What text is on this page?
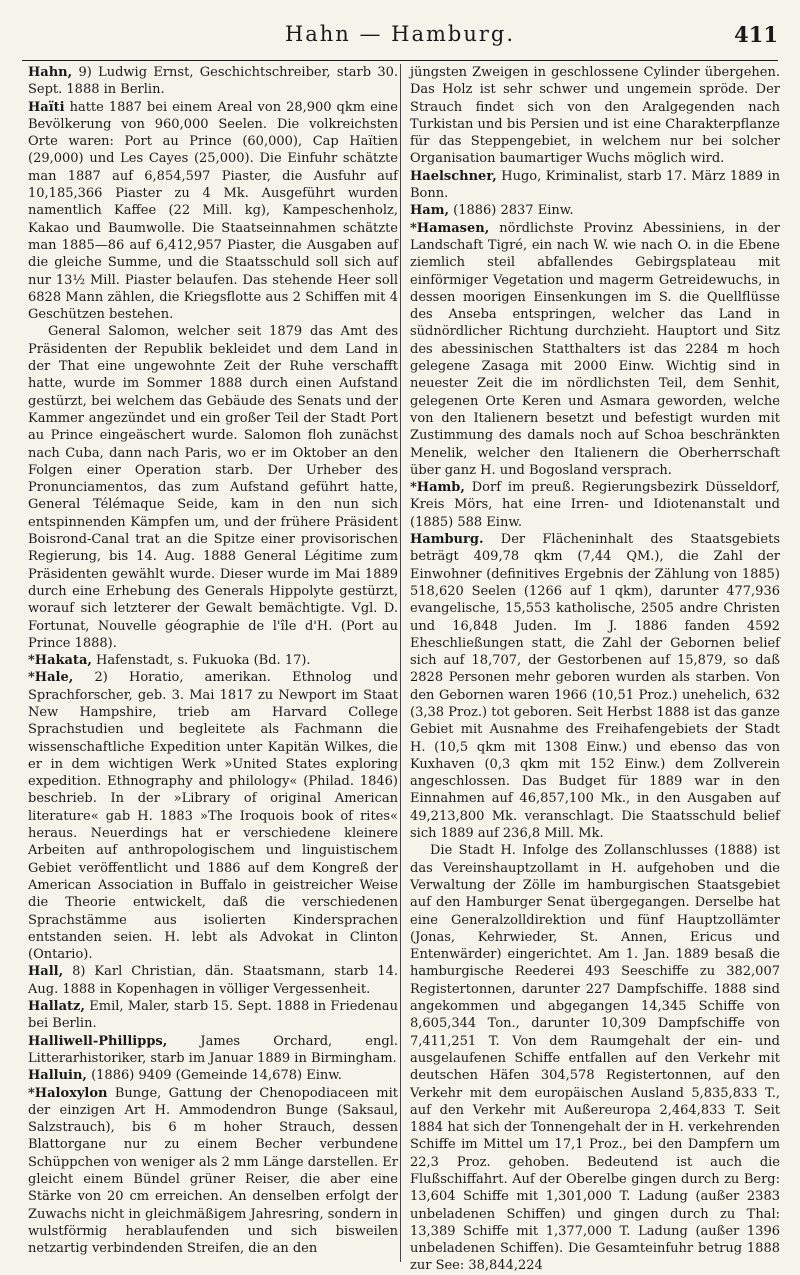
Hahn — Hamburg.	411

Hahn, 9) Ludwig Ernst, Geschichtschreiber, starb 30. Sept. 1888 in Berlin.

Haïti hatte 1887 bei einem Areal von 28,900 qkm eine Bevölkerung von 960,000 Seelen. Die volkreichsten Orte waren: Port au Prince (60,000), Cap Haïtien (29,000) und Les Cayes (25,000). Die Einfuhr schätzte man 1887 auf 6,854,597 Piaster, die Ausfuhr auf 10,185,366 Piaster zu 4 Mk. Ausgeführt wurden namentlich Kaffee (22 Mill. kg), Kampeschenholz, Kakao und Baumwolle. Die Staatseinnahmen schätzte man 1885—86 auf 6,412,957 Piaster, die Ausgaben auf die gleiche Summe, und die Staatsschuld soll sich auf nur 13½ Mill. Piaster belaufen. Das stehende Heer soll 6828 Mann zählen, die Kriegsflotte aus 2 Schiffen mit 4 Geschützen bestehen.

General Salomon, welcher seit 1879 das Amt des Präsidenten der Republik bekleidet und dem Land in der That eine ungewohnte Zeit der Ruhe verschafft hatte, wurde im Sommer 1888 durch einen Aufstand gestürzt, bei welchem das Gebäude des Senats und der Kammer angezündet und ein großer Teil der Stadt Port au Prince eingeäschert wurde. Salomon floh zunächst nach Cuba, dann nach Paris, wo er im Oktober an den Folgen einer Operation starb. Der Urheber des Pronunciamentos, das zum Aufstand geführt hatte, General Télémaque Seide, kam in den nun sich entspinnenden Kämpfen um, und der frühere Präsident Boisrond-Canal trat an die Spitze einer provisorischen Regierung, bis 14. Aug. 1888 General Légitime zum Präsidenten gewählt wurde. Dieser wurde im Mai 1889 durch eine Erhebung des Generals Hippolyte gestürzt, worauf sich letzterer der Gewalt bemächtigte. Vgl. D. Fortunat, Nouvelle géographie de l'île d'H. (Port au Prince 1888).

*Hakata, Hafenstadt, s. Fukuoka (Bd. 17).

*Hale, 2) Horatio, amerikan. Ethnolog und Sprachforscher, geb. 3. Mai 1817 zu Newport im Staat New Hampshire, trieb am Harvard College Sprachstudien und begleitete als Fachmann die wissenschaftliche Expedition unter Kapitän Wilkes, die er in dem wichtigen Werk »United States exploring expedition. Ethnography and philology« (Philad. 1846) beschrieb. In der »Library of original American literature« gab H. 1883 »The Iroquois book of rites« heraus. Neuerdings hat er verschiedene kleinere Arbeiten auf anthropologischem und linguistischem Gebiet veröffentlicht und 1886 auf dem Kongreß der American Association in Buffalo in geistreicher Weise die Theorie entwickelt, daß die verschiedenen Sprachstämme aus isolierten Kindersprachen entstanden seien. H. lebt als Advokat in Clinton (Ontario).

Hall, 8) Karl Christian, dän. Staatsmann, starb 14. Aug. 1888 in Kopenhagen in völliger Vergessenheit.

Hallatz, Emil, Maler, starb 15. Sept. 1888 in Friedenau bei Berlin.

Halliwell-Phillipps, James Orchard, engl. Litterarhistoriker, starb im Januar 1889 in Birmingham.

Halluin, (1886) 9409 (Gemeinde 14,678) Einw.

*Haloxylon Bunge, Gattung der Chenopodiaceen mit der einzigen Art H. Ammodendron Bunge (Saksaul, Salzstrauch), bis 6 m hoher Strauch, dessen Blattorgane nur zu einem Becher verbundene Schüppchen von weniger als 2 mm Länge darstellen. Er gleicht einem Bündel grüner Reiser, die aber eine Stärke von 20 cm erreichen. An denselben erfolgt der Zuwachs nicht in gleichmäßigem Jahresring, sondern in wulstförmig herablaufenden und sich bisweilen netzartig verbindenden Streifen, die an den

jüngsten Zweigen in geschlossene Cylinder übergehen. Das Holz ist sehr schwer und ungemein spröde. Der Strauch findet sich von den Aralgegenden nach Turkistan und bis Persien und ist eine Charakterpflanze für das Steppengebiet, in welchem nur bei solcher Organisation baumartiger Wuchs möglich wird.

Haelschner, Hugo, Kriminalist, starb 17. März 1889 in Bonn.

Ham, (1886) 2837 Einw.

*Hamasen, nördlichste Provinz Abessiniens, in der Landschaft Tigré, ein nach W. wie nach O. in die Ebene ziemlich steil abfallendes Gebirgsplateau mit einförmiger Vegetation und magerm Getreidewuchs, in dessen moorigen Einsenkungen im S. die Quellflüsse des Anseba entspringen, welcher das Land in südnördlicher Richtung durchzieht. Hauptort und Sitz des abessinischen Statthalters ist das 2284 m hoch gelegene Zasaga mit 2000 Einw. Wichtig sind in neuester Zeit die im nördlichsten Teil, dem Senhit, gelegenen Orte Keren und Asmara geworden, welche von den Italienern besetzt und befestigt wurden mit Zustimmung des damals noch auf Schoa beschränkten Menelik, welcher den Italienern die Oberherrschaft über ganz H. und Bogosland versprach.

*Hamb, Dorf im preuß. Regierungsbezirk Düsseldorf, Kreis Mörs, hat eine Irren- und Idiotenanstalt und (1885) 588 Einw.

Hamburg. Der Flächeninhalt des Staatsgebiets beträgt 409,78 qkm (7,44 QM.), die Zahl der Einwohner (definitives Ergebnis der Zählung von 1885) 518,620 Seelen (1266 auf 1 qkm), darunter 477,936 evangelische, 15,553 katholische, 2505 andre Christen und 16,848 Juden. Im J. 1886 fanden 4592 Eheschließungen statt, die Zahl der Gebornen belief sich auf 18,707, der Gestorbenen auf 15,879, so daß 2828 Personen mehr geboren wurden als starben. Von den Gebornen waren 1966 (10,51 Proz.) unehelich, 632 (3,38 Proz.) tot geboren. Seit Herbst 1888 ist das ganze Gebiet mit Ausnahme des Freihafengebiets der Stadt H. (10,5 qkm mit 1308 Einw.) und ebenso das von Kuxhaven (0,3 qkm mit 152 Einw.) dem Zollverein angeschlossen. Das Budget für 1889 war in den Einnahmen auf 46,857,100 Mk., in den Ausgaben auf 49,213,800 Mk. veranschlagt. Die Staatsschuld belief sich 1889 auf 236,8 Mill. Mk.

Die Stadt H. Infolge des Zollanschlusses (1888) ist das Vereinshauptzollamt in H. aufgehoben und die Verwaltung der Zölle im hamburgischen Staatsgebiet auf den Hamburger Senat übergegangen. Derselbe hat eine Generalzolldirektion und fünf Hauptzollämter (Jonas, Kehrwieder, St. Annen, Ericus und Entenwärder) eingerichtet. Am 1. Jan. 1889 besaß die hamburgische Reederei 493 Seeschiffe zu 382,007 Registertonnen, darunter 227 Dampfschiffe. 1888 sind angekommen und abgegangen 14,345 Schiffe von 8,605,344 Ton., darunter 10,309 Dampfschiffe von 7,411,251 T. Von dem Raumgehalt der ein- und ausgelaufenen Schiffe entfallen auf den Verkehr mit deutschen Häfen 304,578 Registertonnen, auf den Verkehr mit dem europäischen Ausland 5,835,833 T., auf den Verkehr mit Außereuropa 2,464,833 T. Seit 1884 hat sich der Tonnengehalt der in H. verkehrenden Schiffe im Mittel um 17,1 Proz., bei den Dampfern um 22,3 Proz. gehoben. Bedeutend ist auch die Flußschiffahrt. Auf der Oberelbe gingen durch zu Berg: 13,604 Schiffe mit 1,301,000 T. Ladung (außer 2383 unbeladenen Schiffen) und gingen durch zu Thal: 13,389 Schiffe mit 1,377,000 T. Ladung (außer 1396 unbeladenen Schiffen). Die Gesamteinfuhr betrug 1888 zur See: 38,844,224
